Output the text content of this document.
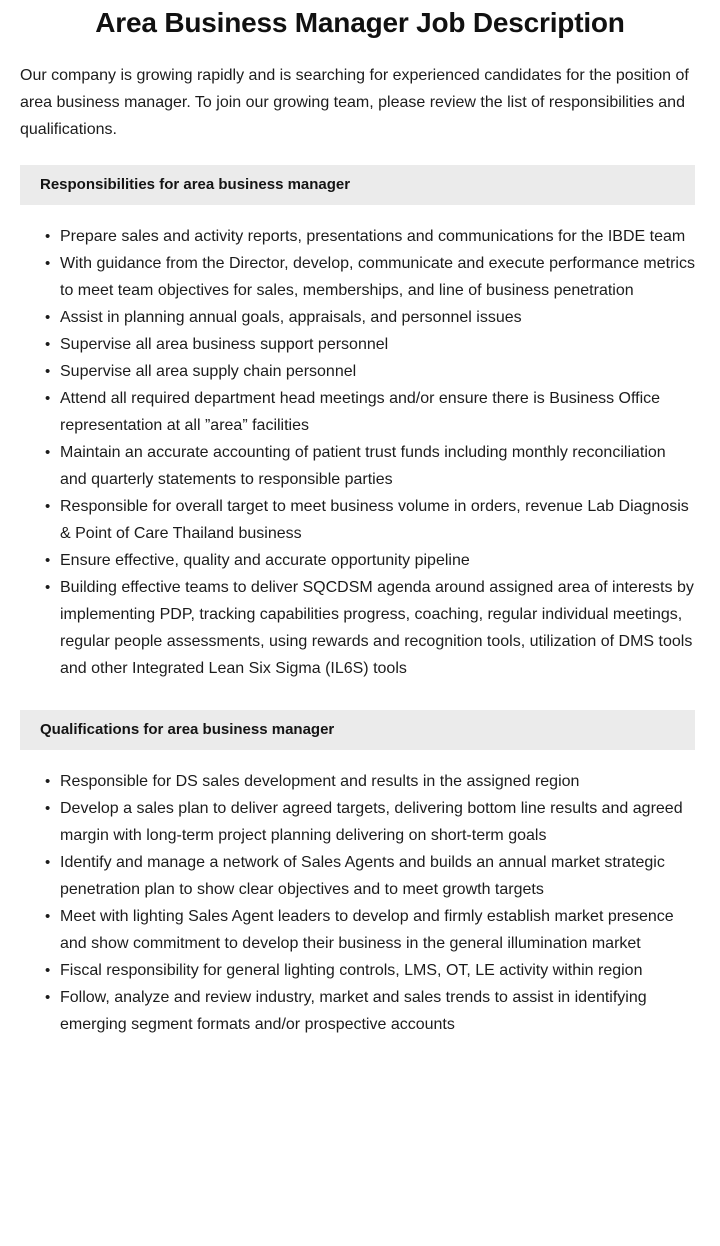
Area Business Manager Job Description

Our company is growing rapidly and is searching for experienced candidates for the position of area business manager. To join our growing team, please review the list of responsibilities and qualifications.

Responsibilities for area business manager
• Prepare sales and activity reports, presentations and communications for the IBDE team
• With guidance from the Director, develop, communicate and execute performance metrics to meet team objectives for sales, memberships, and line of business penetration
• Assist in planning annual goals, appraisals, and personnel issues
• Supervise all area business support personnel
• Supervise all area supply chain personnel
• Attend all required department head meetings and/or ensure there is Business Office representation at all ”area” facilities
• Maintain an accurate accounting of patient trust funds including monthly reconciliation and quarterly statements to responsible parties
• Responsible for overall target to meet business volume in orders, revenue Lab Diagnosis & Point of Care Thailand business
• Ensure effective, quality and accurate opportunity pipeline
• Building effective teams to deliver SQCDSM agenda around assigned area of interests by implementing PDP, tracking capabilities progress, coaching, regular individual meetings, regular people assessments, using rewards and recognition tools, utilization of DMS tools and other Integrated Lean Six Sigma (IL6S) tools
Qualifications for area business manager
• Responsible for DS sales development and results in the assigned region
• Develop a sales plan to deliver agreed targets, delivering bottom line results and agreed margin with long-term project planning delivering on short-term goals
• Identify and manage a network of Sales Agents and builds an annual market strategic penetration plan to show clear objectives and to meet growth targets
• Meet with lighting Sales Agent leaders to develop and firmly establish market presence and show commitment to develop their business in the general illumination market
• Fiscal responsibility for general lighting controls, LMS, OT, LE activity within region
• Follow, analyze and review industry, market and sales trends to assist in identifying emerging segment formats and/or prospective accounts
